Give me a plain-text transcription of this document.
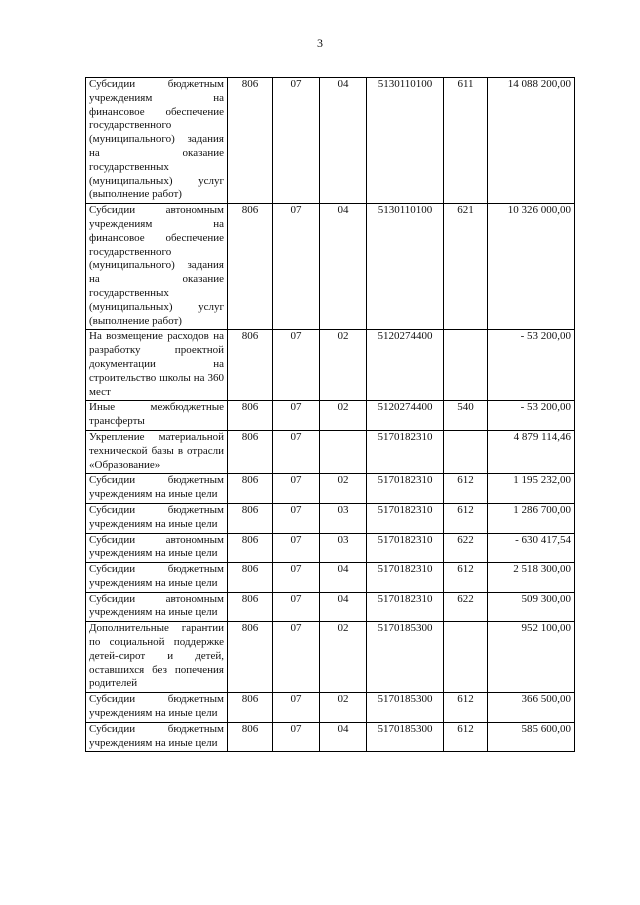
3
Субсидии бюджетным учреждениям на финансовое обеспечение государственного (муниципального) задания на оказание государственных (муниципальных) услуг (выполнение работ)	806	07	04	5130110100	611	14 088 200,00
Субсидии автономным учреждениям на финансовое обеспечение государственного (муниципального) задания на оказание государственных (муниципальных) услуг (выполнение работ)	806	07	04	5130110100	621	10 326 000,00
На возмещение расходов на разработку проектной документации на строительство школы на 360 мест	806	07	02	5120274400		- 53 200,00
Иные межбюджетные трансферты	806	07	02	5120274400	540	- 53 200,00
Укрепление материальной технической базы в отрасли «Образование»	806	07		5170182310		4 879 114,46
Субсидии бюджетным учреждениям на иные цели	806	07	02	5170182310	612	1 195 232,00
Субсидии бюджетным учреждениям на иные цели	806	07	03	5170182310	612	1 286 700,00
Субсидии автономным учреждениям на иные цели	806	07	03	5170182310	622	- 630 417,54
Субсидии бюджетным учреждениям на иные цели	806	07	04	5170182310	612	2 518 300,00
Субсидии автономным учреждениям на иные цели	806	07	04	5170182310	622	509 300,00
Дополнительные гарантии по социальной поддержке детей-сирот и детей, оставшихся без попечения родителей	806	07	02	5170185300		952 100,00
Субсидии бюджетным учреждениям на иные цели	806	07	02	5170185300	612	366 500,00
Субсидии бюджетным учреждениям на иные цели	806	07	04	5170185300	612	585 600,00
